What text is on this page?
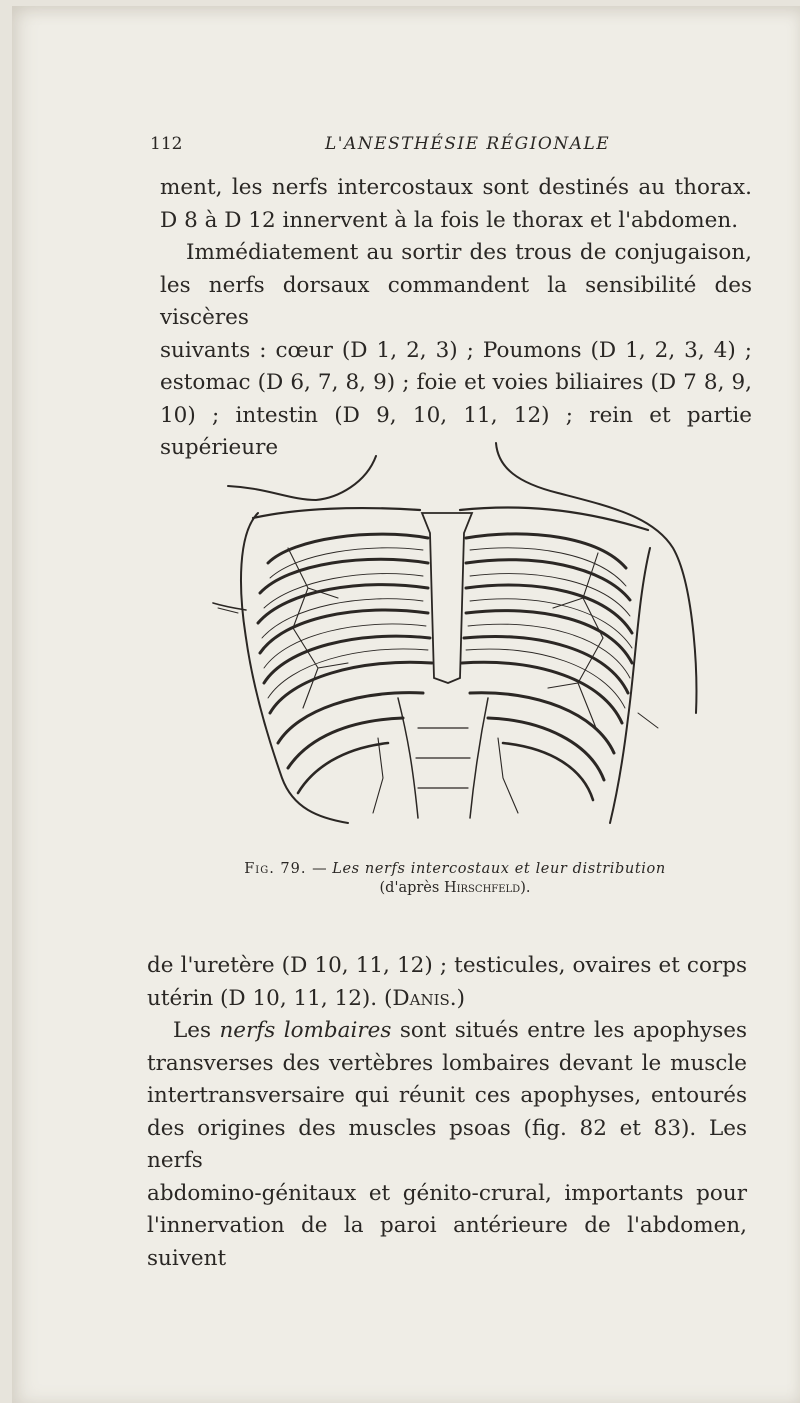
112	L'ANESTHÉSIE RÉGIONALE

ment, les nerfs intercostaux sont destinés au thorax.

D 8 à D 12 innervent à la fois le thorax et l'abdomen.

Immédiatement au sortir des trous de conjugaison,

les nerfs dorsaux commandent la sensibilité des viscères

suivants : cœur (D 1, 2, 3) ; Poumons (D 1, 2, 3, 4) ;

estomac (D 6, 7, 8, 9) ; foie et voies biliaires (D 7 8, 9,

10) ; intestin (D 9, 10, 11, 12) ; rein et partie supérieure

Fig. 79. — Les nerfs intercostaux et leur distribution
(d'après Hirschfeld).

de l'uretère (D 10, 11, 12) ; testicules, ovaires et corps

utérin (D 10, 11, 12). (Danis.)

Les nerfs lombaires sont situés entre les apophyses

transverses des vertèbres lombaires devant le muscle

intertransversaire qui réunit ces apophyses, entourés

des origines des muscles psoas (fig. 82 et 83). Les nerfs

abdomino-génitaux et génito-crural, importants pour

l'innervation de la paroi antérieure de l'abdomen, suivent
